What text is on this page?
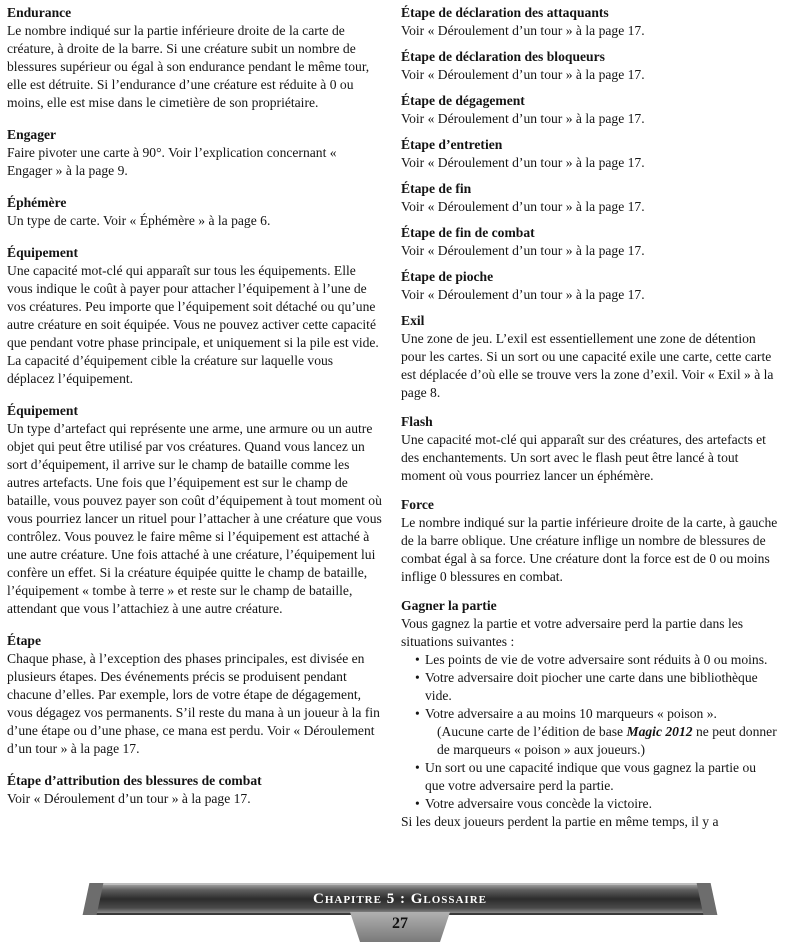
Endurance

Le nombre indiqué sur la partie inférieure droite de la carte de créature, à droite de la barre. Si une créature subit un nombre de blessures supérieur ou égal à son endurance pendant le même tour, elle est détruite. Si l’endurance d’une créature est réduite à 0 ou moins, elle est mise dans le cimetière de son propriétaire.

Engager

Faire pivoter une carte à 90°. Voir l’explication concernant « Engager » à la page 9.

Éphémère

Un type de carte. Voir « Éphémère » à la page 6.

Équipement

Une capacité mot-clé qui apparaît sur tous les équipements. Elle vous indique le coût à payer pour attacher l’équipement à l’une de vos créatures. Peu importe que l’équipement soit détaché ou qu’une autre créature en soit équipée. Vous ne pouvez activer cette capacité que pendant votre phase principale, et uniquement si la pile est vide. La capacité d’équipement cible la créature sur laquelle vous déplacez l’équipement.

Équipement

Un type d’artefact qui représente une arme, une armure ou un autre objet qui peut être utilisé par vos créatures. Quand vous lancez un sort d’équipement, il arrive sur le champ de bataille comme les autres artefacts. Une fois que l’équipement est sur le champ de bataille, vous pouvez payer son coût d’équipement à tout moment où vous pourriez lancer un rituel pour l’attacher à une créature que vous contrôlez. Vous pouvez le faire même si l’équipement est attaché à une autre créature. Une fois attaché à une créature, l’équipement lui confère un effet. Si la créature équipée quitte le champ de bataille, l’équipement « tombe à terre » et reste sur le champ de bataille, attendant que vous l’attachiez à une autre créature.

Étape

Chaque phase, à l’exception des phases principales, est divisée en plusieurs étapes. Des événements précis se produisent pendant chacune d’elles. Par exemple, lors de votre étape de dégagement, vous dégagez vos permanents. S’il reste du mana à un joueur à la fin d’une étape ou d’une phase, ce mana est perdu. Voir « Déroulement d’un tour » à la page 17.

Étape d’attribution des blessures de combat

Voir « Déroulement d’un tour » à la page 17.

Étape de déclaration des attaquants

Voir « Déroulement d’un tour » à la page 17.

Étape de déclaration des bloqueurs

Voir « Déroulement d’un tour » à la page 17.

Étape de dégagement

Voir « Déroulement d’un tour » à la page 17.

Étape d’entretien

Voir « Déroulement d’un tour » à la page 17.

Étape de fin

Voir « Déroulement d’un tour » à la page 17.

Étape de fin de combat

Voir « Déroulement d’un tour » à la page 17.

Étape de pioche

Voir « Déroulement d’un tour » à la page 17.

Exil

Une zone de jeu. L’exil est essentiellement une zone de détention pour les cartes. Si un sort ou une capacité exile une carte, cette carte est déplacée d’où elle se trouve vers la zone d’exil. Voir « Exil » à la page 8.

Flash

Une capacité mot-clé qui apparaît sur des créatures, des artefacts et des enchantements. Un sort avec le flash peut être lancé à tout moment où vous pourriez lancer un éphémère.

Force

Le nombre indiqué sur la partie inférieure droite de la carte, à gauche de la barre oblique. Une créature inflige un nombre de blessures de combat égal à sa force. Une créature dont la force est de 0 ou moins inflige 0 blessures en combat.

Gagner la partie

Vous gagnez la partie et votre adversaire perd la partie dans les situations suivantes :

• Les points de vie de votre adversaire sont réduits à 0 ou moins.
• Votre adversaire doit piocher une carte dans une bibliothèque vide.
• Votre adversaire a au moins 10 marqueurs « poison ».
(Aucune carte de l’édition de base Magic 2012 ne peut donner de marqueurs « poison » aux joueurs.)
• Un sort ou une capacité indique que vous gagnez la partie ou que votre adversaire perd la partie.
• Votre adversaire vous concède la victoire.

Si les deux joueurs perdent la partie en même temps, il y a

Chapitre 5 : Glossaire
27
